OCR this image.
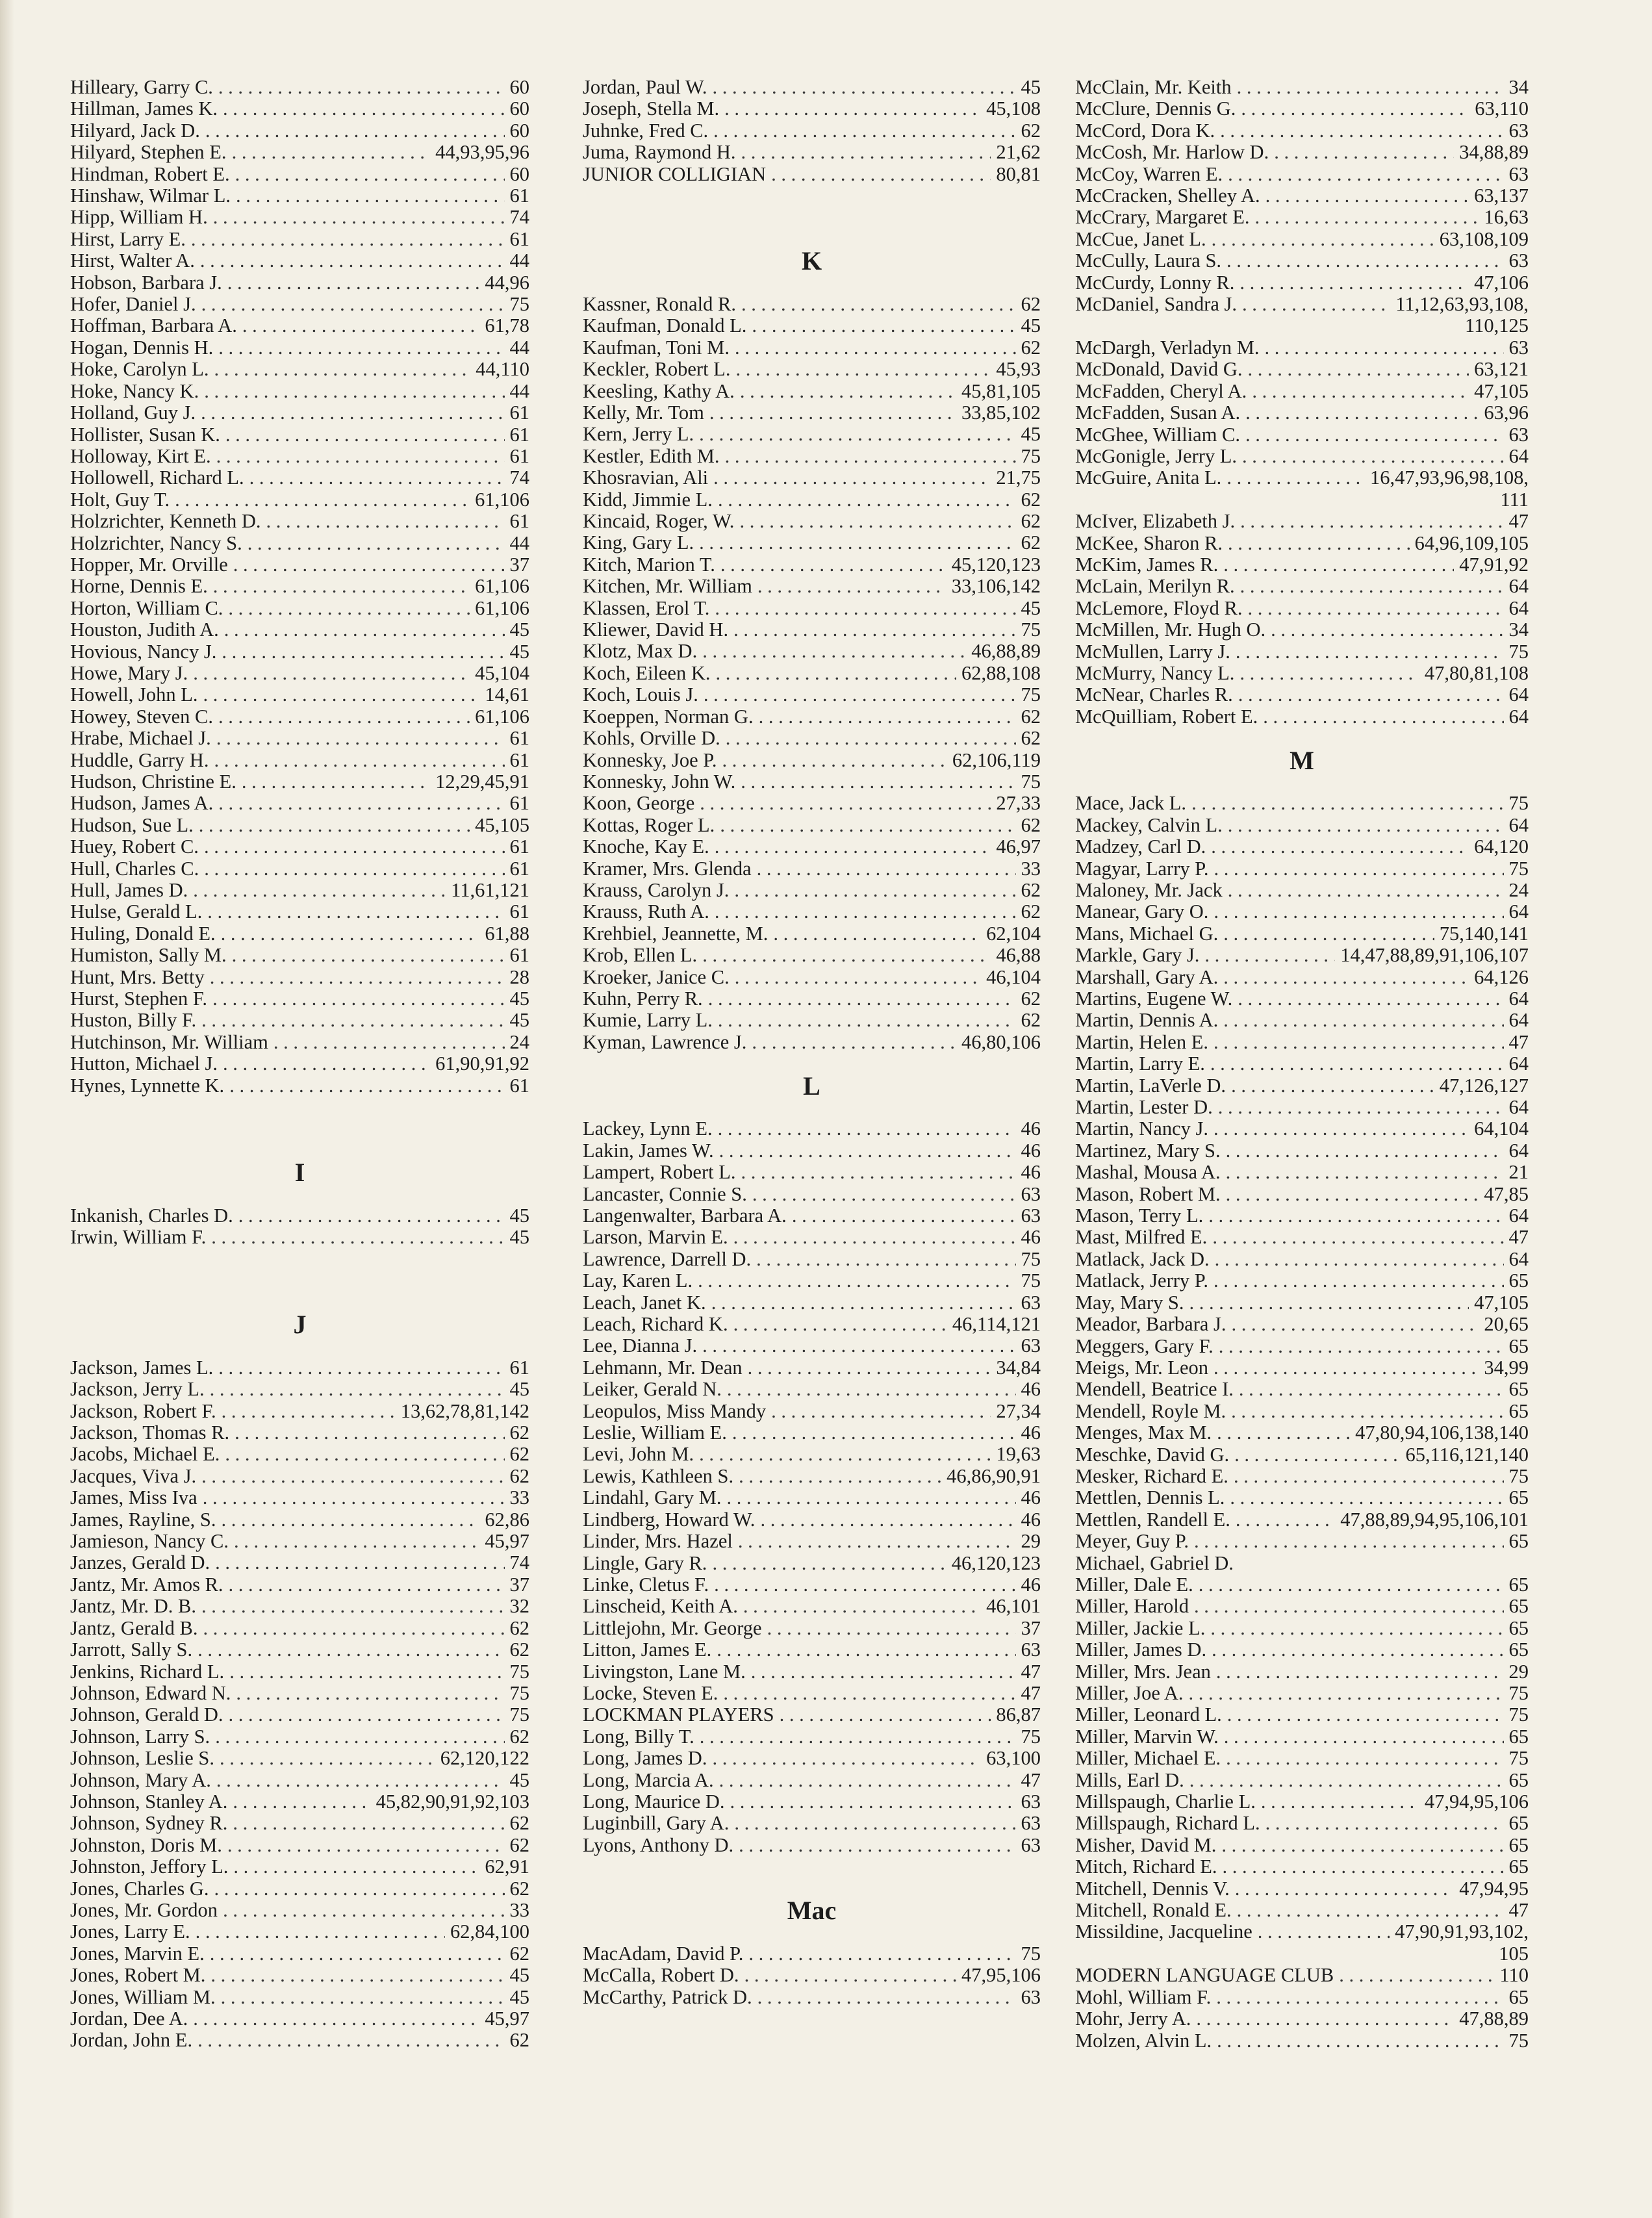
Hilleary, Garry C. . . .	60
Hillman, James K. . . .	60
Hilyard, Jack D. . . .	60
Hilyard, Stephen E. . . .	44,93,95,96
Hindman, Robert E. . . .	60
Hinshaw, Wilmar L. . . .	61
Hipp, William H. . . .	74
Hirst, Larry E. . . .	61
Hirst, Walter A. . . .	44
Hobson, Barbara J. . . .	44,96
Hofer, Daniel J. . . .	75
Hoffman, Barbara A. . . .	61,78
Hogan, Dennis H. . . .	44
Hoke, Carolyn L. . . .	44,110
Hoke, Nancy K. . . .	44
Holland, Guy J. . . .	61
Hollister, Susan K. . . .	61
Holloway, Kirt E. . . .	61
Hollowell, Richard L. . . .	74
Holt, Guy T. . . .	61,106
Holzrichter, Kenneth D. . . .	61
Holzrichter, Nancy S. . . .	44
Hopper, Mr. Orville . . .	37
Horne, Dennis E. . . .	61,106
Horton, William C. . . .	61,106
Houston, Judith A. . . .	45
Hovious, Nancy J. . . .	45
Howe, Mary J. . . .	45,104
Howell, John L. . . .	14,61
Howey, Steven C. . . .	61,106
Hrabe, Michael J. . . .	61
Huddle, Garry H. . . .	61
Hudson, Christine E. . . .	12,29,45,91
Hudson, James A. . . .	61
Hudson, Sue L. . . .	45,105
Huey, Robert C. . . .	61
Hull, Charles C. . . .	61
Hull, James D. . . .	11,61,121
Hulse, Gerald L. . . .	61
Huling, Donald E. . . .	61,88
Humiston, Sally M. . . .	61
Hunt, Mrs. Betty . . .	28
Hurst, Stephen F. . . .	45
Huston, Billy F. . . .	45
Hutchinson, Mr. William . . .	24
Hutton, Michael J. . . .	61,90,91,92
Hynes, Lynnette K. . . .	61
I
Inkanish, Charles D. . . .	45
Irwin, William F. . . .	45
J
Jackson, James L. . . .	61
Jackson, Jerry L. . . .	45
Jackson, Robert F. . . .	13,62,78,81,142
Jackson, Thomas R. . . .	62
Jacobs, Michael E. . . .	62
Jacques, Viva J. . . .	62
James, Miss Iva . . .	33
James, Rayline, S. . . .	62,86
Jamieson, Nancy C. . . .	45,97
Janzes, Gerald D. . . .	74
Jantz, Mr. Amos R. . . .	37
Jantz, Mr. D. B. . . .	32
Jantz, Gerald B. . . .	62
Jarrott, Sally S. . . .	62
Jenkins, Richard L. . . .	75
Johnson, Edward N. . . .	75
Johnson, Gerald D. . . .	75
Johnson, Larry S. . . .	62
Johnson, Leslie S. . . .	62,120,122
Johnson, Mary A. . . .	45
Johnson, Stanley A. . . .	45,82,90,91,92,103
Johnson, Sydney R. . . .	62
Johnston, Doris M. . . .	62
Johnston, Jeffory L. . . .	62,91
Jones, Charles G. . . .	62
Jones, Mr. Gordon . . .	33
Jones, Larry E. . . .	62,84,100
Jones, Marvin E. . . .	62
Jones, Robert M. . . .	45
Jones, William M. . . .	45
Jordan, Dee A. . . .	45,97
Jordan, John E. . . .	62
Jordan, Paul W. . . .	45
Joseph, Stella M. . . .	45,108
Juhnke, Fred C. . . .	62
Juma, Raymond H. . . .	21,62
JUNIOR COLLIGIAN . . .	80,81
K
Kassner, Ronald R. . . .	62
Kaufman, Donald L. . . .	45
Kaufman, Toni M. . . .	62
Keckler, Robert L. . . .	45,93
Keesling, Kathy A. . . .	45,81,105
Kelly, Mr. Tom . . .	33,85,102
Kern, Jerry L. . . .	45
Kestler, Edith M. . . .	75
Khosravian, Ali . . .	21,75
Kidd, Jimmie L. . . .	62
Kincaid, Roger, W. . . .	62
King, Gary L. . . .	62
Kitch, Marion T. . . .	45,120,123
Kitchen, Mr. William . . .	33,106,142
Klassen, Erol T. . . .	45
Kliewer, David H. . . .	75
Klotz, Max D. . . .	46,88,89
Koch, Eileen K. . . .	62,88,108
Koch, Louis J. . . .	75
Koeppen, Norman G. . . .	62
Kohls, Orville D. . . .	62
Konnesky, Joe P. . . .	62,106,119
Konnesky, John W. . . .	75
Koon, George . . .	27,33
Kottas, Roger L. . . .	62
Knoche, Kay E. . . .	46,97
Kramer, Mrs. Glenda . . .	33
Krauss, Carolyn J. . . .	62
Krauss, Ruth A. . . .	62
Krehbiel, Jeannette, M. . . .	62,104
Krob, Ellen L. . . .	46,88
Kroeker, Janice C. . . .	46,104
Kuhn, Perry R. . . .	62
Kumie, Larry L. . . .	62
Kyman, Lawrence J. . . .	46,80,106
L
Lackey, Lynn E. . . .	46
Lakin, James W. . . .	46
Lampert, Robert L. . . .	46
Lancaster, Connie S. . . .	63
Langenwalter, Barbara A. . . .	63
Larson, Marvin E. . . .	46
Lawrence, Darrell D. . . .	75
Lay, Karen L. . . .	75
Leach, Janet K. . . .	63
Leach, Richard K. . . .	46,114,121
Lee, Dianna J. . . .	63
Lehmann, Mr. Dean . . .	34,84
Leiker, Gerald N. . . .	46
Leopulos, Miss Mandy . . .	27,34
Leslie, William E. . . .	46
Levi, John M. . . .	19,63
Lewis, Kathleen S. . . .	46,86,90,91
Lindahl, Gary M. . . .	46
Lindberg, Howard W. . . .	46
Linder, Mrs. Hazel . . .	29
Lingle, Gary R. . . .	46,120,123
Linke, Cletus F. . . .	46
Linscheid, Keith A. . . .	46,101
Littlejohn, Mr. George . . .	37
Litton, James E. . . .	63
Livingston, Lane M. . . .	47
Locke, Steven E. . . .	47
LOCKMAN PLAYERS . . .	86,87
Long, Billy T. . . .	75
Long, James D. . . .	63,100
Long, Marcia A. . . .	47
Long, Maurice D. . . .	63
Luginbill, Gary A. . . .	63
Lyons, Anthony D. . . .	63
Mac
MacAdam, David P. . . .	75
McCalla, Robert D. . . .	47,95,106
McCarthy, Patrick D. . . .	63
McClain, Mr. Keith . . .	34
McClure, Dennis G. . . .	63,110
McCord, Dora K. . . .	63
McCosh, Mr. Harlow D. . . .	34,88,89
McCoy, Warren E. . . .	63
McCracken, Shelley A. . . .	63,137
McCrary, Margaret E. . . .	16,63
McCue, Janet L. . . .	63,108,109
McCully, Laura S. . . .	63
McCurdy, Lonny R. . . .	47,106
McDaniel, Sandra J. . . .	11,12,63,93,108,
110,125
McDargh, Verladyn M. . . .	63
McDonald, David G. . . .	63,121
McFadden, Cheryl A. . . .	47,105
McFadden, Susan A. . . .	63,96
McGhee, William C. . . .	63
McGonigle, Jerry L. . . .	64
McGuire, Anita L. . . .	16,47,93,96,98,108,
111
McIver, Elizabeth J. . . .	47
McKee, Sharon R. . . .	64,96,109,105
McKim, James R. . . .	47,91,92
McLain, Merilyn R. . . .	64
McLemore, Floyd R. . . .	64
McMillen, Mr. Hugh O. . . .	34
McMullen, Larry J. . . .	75
McMurry, Nancy L. . . .	47,80,81,108
McNear, Charles R. . . .	64
McQuilliam, Robert E. . . .	64
M
Mace, Jack L. . . .	75
Mackey, Calvin L. . . .	64
Madzey, Carl D. . . .	64,120
Magyar, Larry P. . . .	75
Maloney, Mr. Jack . . .	24
Manear, Gary O. . . .	64
Mans, Michael G. . . .	75,140,141
Markle, Gary J. . . .	14,47,88,89,91,106,107
Marshall, Gary A. . . .	64,126
Martins, Eugene W. . . .	64
Martin, Dennis A. . . .	64
Martin, Helen E. . . .	47
Martin, Larry E. . . .	64
Martin, LaVerle D. . . .	47,126,127
Martin, Lester D. . . .	64
Martin, Nancy J. . . .	64,104
Martinez, Mary S. . . .	64
Mashal, Mousa A. . . .	21
Mason, Robert M. . . .	47,85
Mason, Terry L. . . .	64
Mast, Milfred E. . . .	47
Matlack, Jack D. . . .	64
Matlack, Jerry P. . . .	65
May, Mary S. . . .	47,105
Meador, Barbara J. . . .	20,65
Meggers, Gary F. . . .	65
Meigs, Mr. Leon . . .	34,99
Mendell, Beatrice I. . . .	65
Mendell, Royle M. . . .	65
Menges, Max M. . . .	47,80,94,106,138,140
Meschke, David G. . . .	65,116,121,140
Mesker, Richard E. . . .	75
Mettlen, Dennis L. . . .	65
Mettlen, Randell E. . . .	47,88,89,94,95,106,101
Meyer, Guy P. . . .	65
Michael, Gabriel D.
Miller, Dale E. . . .	65
Miller, Harold . . .	65
Miller, Jackie L. . . .	65
Miller, James D. . . .	65
Miller, Mrs. Jean . . .	29
Miller, Joe A. . . .	75
Miller, Leonard L. . . .	75
Miller, Marvin W. . . .	65
Miller, Michael E. . . .	75
Mills, Earl D. . . .	65
Millspaugh, Charlie L. . . .	47,94,95,106
Millspaugh, Richard L. . . .	65
Misher, David M. . . .	65
Mitch, Richard E. . . .	65
Mitchell, Dennis V. . . .	47,94,95
Mitchell, Ronald E. . . .	47
Missildine, Jacqueline . . .	47,90,91,93,102,
105
MODERN LANGUAGE CLUB . . .	110
Mohl, William F. . . .	65
Mohr, Jerry A. . . .	47,88,89
Molzen, Alvin L. . . .	75
